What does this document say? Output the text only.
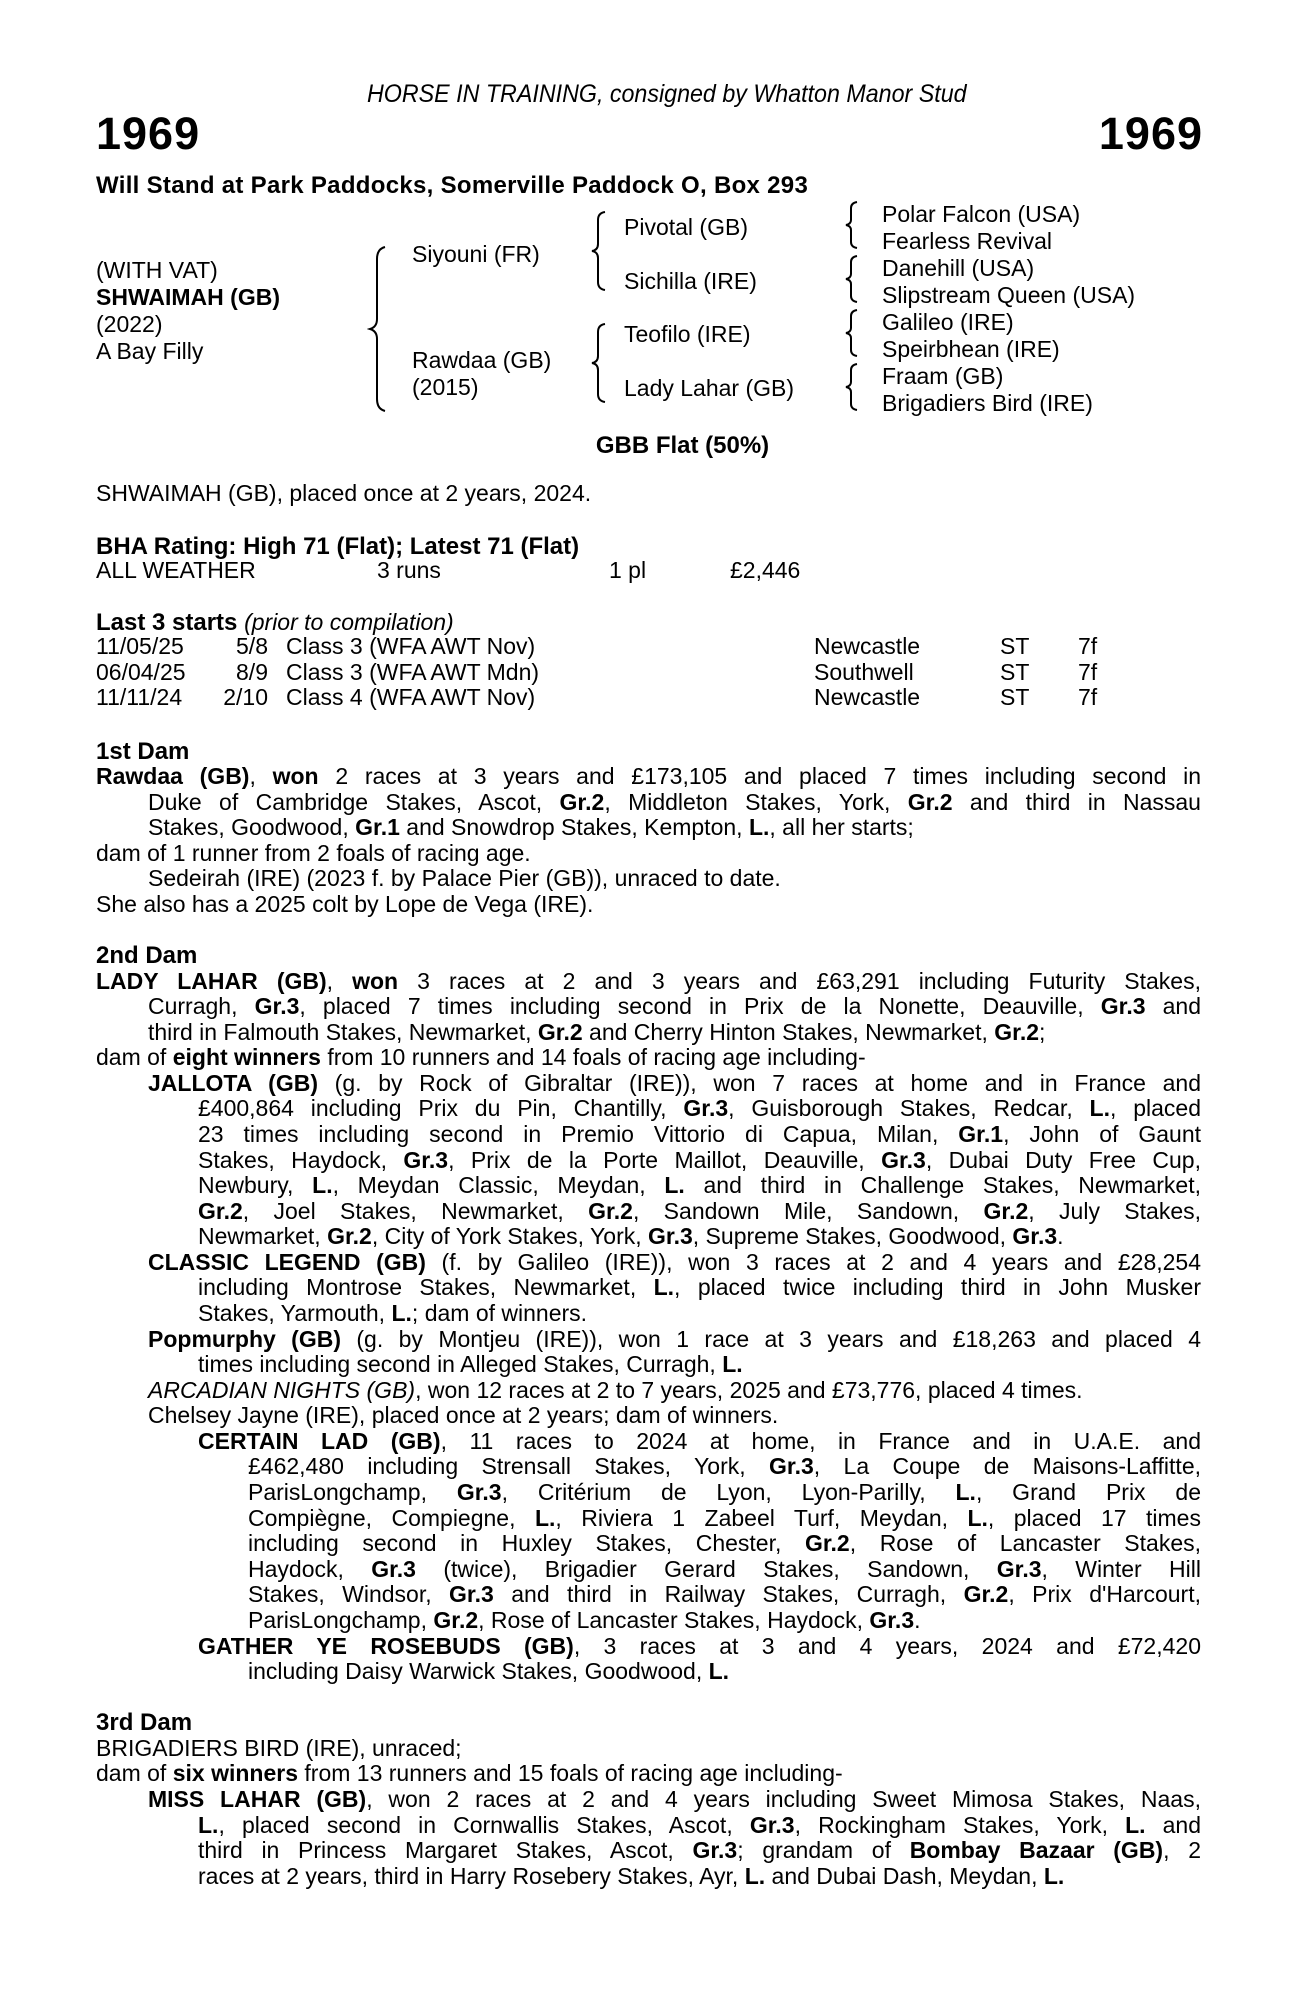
HORSE IN TRAINING, consigned by Whatton Manor Stud
1969	1969
Will Stand at Park Paddocks, Somerville Paddock O, Box 293
(WITH VAT)
SHWAIMAH (GB)
(2022)
A Bay Filly
Siyouni (FR)
Rawdaa (GB)
(2015)
Pivotal (GB)
Sichilla (IRE)
Teofilo (IRE)
Lady Lahar (GB)
Polar Falcon (USA)
Fearless Revival
Danehill (USA)
Slipstream Queen (USA)
Galileo (IRE)
Speirbhean (IRE)
Fraam (GB)
Brigadiers Bird (IRE)
GBB Flat (50%)
SHWAIMAH (GB), placed once at 2 years, 2024.
BHA Rating: High 71 (Flat); Latest 71 (Flat)
ALL WEATHER	3 runs	1 pl	£2,446
Last 3 starts (prior to compilation)
11/05/25	5/8 Class 3 (WFA AWT Nov)	Newcastle	ST 7f
06/04/25	8/9 Class 3 (WFA AWT Mdn)	Southwell	ST 7f
11/11/24	2/10 Class 4 (WFA AWT Nov)	Newcastle	ST 7f
1st Dam
Rawdaa (GB), won 2 races at 3 years and £173,105 and placed 7 times including second in
Duke of Cambridge Stakes, Ascot, Gr.2, Middleton Stakes, York, Gr.2 and third in Nassau
Stakes, Goodwood, Gr.1 and Snowdrop Stakes, Kempton, L., all her starts;
dam of 1 runner from 2 foals of racing age.
Sedeirah (IRE) (2023 f. by Palace Pier (GB)), unraced to date.
She also has a 2025 colt by Lope de Vega (IRE).
2nd Dam
LADY LAHAR (GB), won 3 races at 2 and 3 years and £63,291 including Futurity Stakes,
Curragh, Gr.3, placed 7 times including second in Prix de la Nonette, Deauville, Gr.3 and
third in Falmouth Stakes, Newmarket, Gr.2 and Cherry Hinton Stakes, Newmarket, Gr.2;
dam of eight winners from 10 runners and 14 foals of racing age including-
JALLOTA (GB) (g. by Rock of Gibraltar (IRE)), won 7 races at home and in France and
£400,864 including Prix du Pin, Chantilly, Gr.3, Guisborough Stakes, Redcar, L., placed
23 times including second in Premio Vittorio di Capua, Milan, Gr.1, John of Gaunt
Stakes, Haydock, Gr.3, Prix de la Porte Maillot, Deauville, Gr.3, Dubai Duty Free Cup,
Newbury, L., Meydan Classic, Meydan, L. and third in Challenge Stakes, Newmarket,
Gr.2, Joel Stakes, Newmarket, Gr.2, Sandown Mile, Sandown, Gr.2, July Stakes,
Newmarket, Gr.2, City of York Stakes, York, Gr.3, Supreme Stakes, Goodwood, Gr.3.
CLASSIC LEGEND (GB) (f. by Galileo (IRE)), won 3 races at 2 and 4 years and £28,254
including Montrose Stakes, Newmarket, L., placed twice including third in John Musker
Stakes, Yarmouth, L.; dam of winners.
Popmurphy (GB) (g. by Montjeu (IRE)), won 1 race at 3 years and £18,263 and placed 4
times including second in Alleged Stakes, Curragh, L.
ARCADIAN NIGHTS (GB), won 12 races at 2 to 7 years, 2025 and £73,776, placed 4 times.
Chelsey Jayne (IRE), placed once at 2 years; dam of winners.
CERTAIN LAD (GB), 11 races to 2024 at home, in France and in U.A.E. and
£462,480 including Strensall Stakes, York, Gr.3, La Coupe de Maisons-Laffitte,
ParisLongchamp, Gr.3, Critérium de Lyon, Lyon-Parilly, L., Grand Prix de
Compiègne, Compiegne, L., Riviera 1 Zabeel Turf, Meydan, L., placed 17 times
including second in Huxley Stakes, Chester, Gr.2, Rose of Lancaster Stakes,
Haydock, Gr.3 (twice), Brigadier Gerard Stakes, Sandown, Gr.3, Winter Hill
Stakes, Windsor, Gr.3 and third in Railway Stakes, Curragh, Gr.2, Prix d'Harcourt,
ParisLongchamp, Gr.2, Rose of Lancaster Stakes, Haydock, Gr.3.
GATHER YE ROSEBUDS (GB), 3 races at 3 and 4 years, 2024 and £72,420
including Daisy Warwick Stakes, Goodwood, L.
3rd Dam
BRIGADIERS BIRD (IRE), unraced;
dam of six winners from 13 runners and 15 foals of racing age including-
MISS LAHAR (GB), won 2 races at 2 and 4 years including Sweet Mimosa Stakes, Naas,
L., placed second in Cornwallis Stakes, Ascot, Gr.3, Rockingham Stakes, York, L. and
third in Princess Margaret Stakes, Ascot, Gr.3; grandam of Bombay Bazaar (GB), 2
races at 2 years, third in Harry Rosebery Stakes, Ayr, L. and Dubai Dash, Meydan, L.
